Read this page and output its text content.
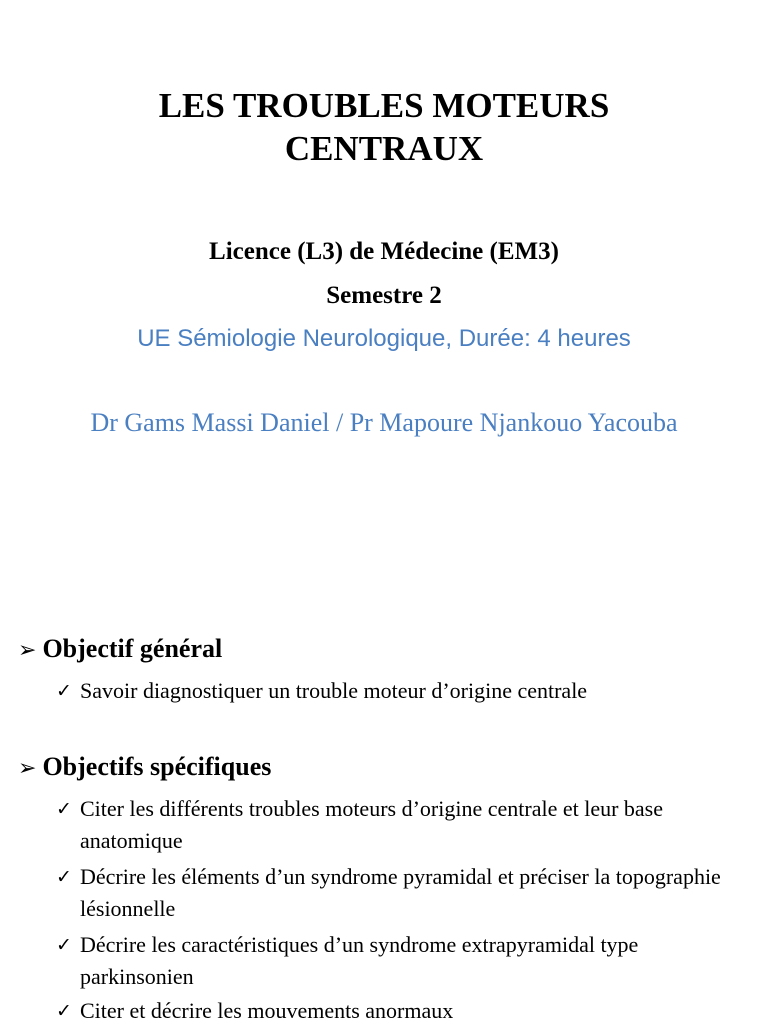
LES TROUBLES MOTEURS
CENTRAUX

Licence (L3) de Médecine (EM3)

Semestre 2

UE Sémiologie Neurologique, Durée: 4 heures

Dr Gams Massi Daniel / Pr Mapoure Njankouo Yacouba

➢ Objectif général
✓ Savoir diagnostiquer un trouble moteur d’origine centrale
➢ Objectifs spécifiques
✓ Citer les différents troubles moteurs d’origine centrale et leur base anatomique
✓ Décrire les éléments d’un syndrome pyramidal et préciser la topographie lésionnelle
✓ Décrire les caractéristiques d’un syndrome extrapyramidal type parkinsonien
✓ Citer et décrire les mouvements anormaux
